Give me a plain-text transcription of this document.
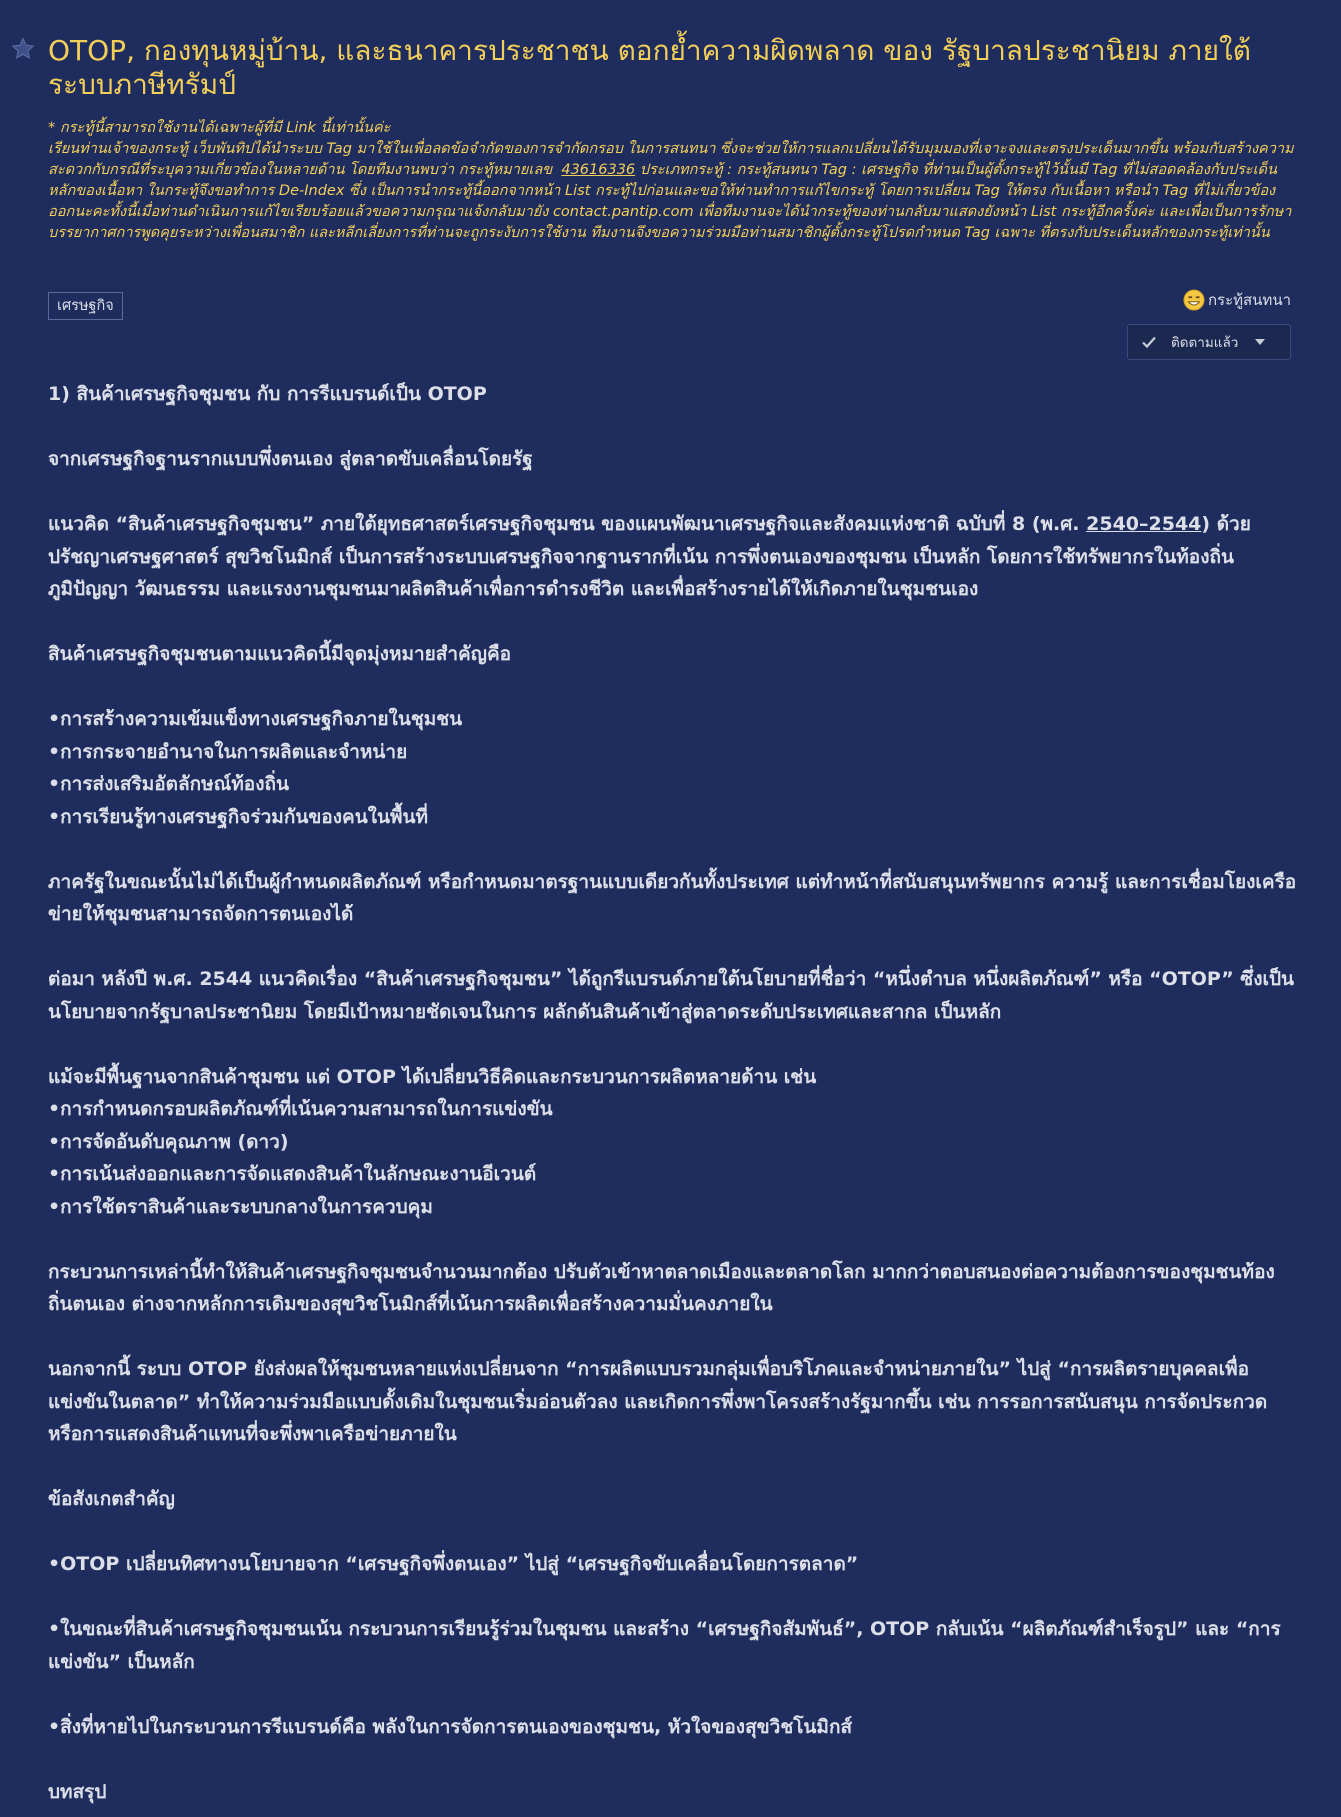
OTOP, กองทุนหมู่บ้าน, และธนาคารประชาชน ตอกย้ำความผิดพลาด ของ รัฐบาลประชานิยม ภายใต้ระบบภาษีทรัมป์

* กระทู้นี้สามารถใช้งานได้เฉพาะผู้ที่มี Link นี้เท่านั้นค่ะ

เรียนท่านเจ้าของกระทู้ เว็บพันทิปได้นำระบบ Tag มาใช้ในเพื่อลดข้อจำกัดของการจำกัดกรอบ ในการสนทนา ซึ่งจะช่วยให้การแลกเปลี่ยนได้รับมุมมองที่เจาะจงและตรงประเด็นมากขึ้น พร้อมกับสร้างความสะดวกกับกรณีที่ระบุความเกี่ยวข้องในหลายด้าน โดยทีมงานพบว่า กระทู้หมายเลข 43616336 ประเภทกระทู้ : กระทู้สนทนา Tag : เศรษฐกิจ ที่ท่านเป็นผู้ตั้งกระทู้ไว้นั้นมี Tag ที่ไม่สอดคล้องกับประเด็นหลักของเนื้อหา ในกระทู้จึงขอทำการ De-Index ซึ่ง เป็นการนำกระทู้นี้ออกจากหน้า List กระทู้ไปก่อนและขอให้ท่านทำการแก้ไขกระทู้ โดยการเปลี่ยน Tag ให้ตรง กับเนื้อหา หรือนำ Tag ที่ไม่เกี่ยวข้องออกนะคะทั้งนี้เมื่อท่านดำเนินการแก้ไขเรียบร้อยแล้วขอความกรุณาแจ้งกลับมายัง contact.pantip.com เพื่อทีมงานจะได้นำกระทู้ของท่านกลับมาแสดงยังหน้า List กระทู้อีกครั้งค่ะ และเพื่อเป็นการรักษาบรรยากาศการพูดคุยระหว่างเพื่อนสมาชิก และหลีกเลี่ยงการที่ท่านจะถูกระงับการใช้งาน ทีมงานจึงขอความร่วมมือท่านสมาชิกผู้ตั้งกระทู้โปรดกำหนด Tag เฉพาะ ที่ตรงกับประเด็นหลักของกระทู้เท่านั้น

เศรษฐกิจ	กระทู้สนทนา
ติดตามแล้ว

1) สินค้าเศรษฐกิจชุมชน กับ การรีแบรนด์เป็น OTOP

จากเศรษฐกิจฐานรากแบบพึ่งตนเอง สู่ตลาดขับเคลื่อนโดยรัฐ

แนวคิด “สินค้าเศรษฐกิจชุมชน” ภายใต้ยุทธศาสตร์เศรษฐกิจชุมชน ของแผนพัฒนาเศรษฐกิจและสังคมแห่งชาติ ฉบับที่ 8 (พ.ศ. 2540–2544) ด้วยปรัชญาเศรษฐศาสตร์ สุขวิชโนมิกส์ เป็นการสร้างระบบเศรษฐกิจจากฐานรากที่เน้น การพึ่งตนเองของชุมชน เป็นหลัก โดยการใช้ทรัพยากรในท้องถิ่น ภูมิปัญญา วัฒนธรรม และแรงงานชุมชนมาผลิตสินค้าเพื่อการดำรงชีวิต และเพื่อสร้างรายได้ให้เกิดภายในชุมชนเอง

สินค้าเศรษฐกิจชุมชนตามแนวคิดนี้มีจุดมุ่งหมายสำคัญคือ

•การสร้างความเข้มแข็งทางเศรษฐกิจภายในชุมชน

•การกระจายอำนาจในการผลิตและจำหน่าย

•การส่งเสริมอัตลักษณ์ท้องถิ่น

•การเรียนรู้ทางเศรษฐกิจร่วมกันของคนในพื้นที่

ภาครัฐในขณะนั้นไม่ได้เป็นผู้กำหนดผลิตภัณฑ์ หรือกำหนดมาตรฐานแบบเดียวกันทั้งประเทศ แต่ทำหน้าที่สนับสนุนทรัพยากร ความรู้ และการเชื่อมโยงเครือข่ายให้ชุมชนสามารถจัดการตนเองได้

ต่อมา หลังปี พ.ศ. 2544 แนวคิดเรื่อง “สินค้าเศรษฐกิจชุมชน” ได้ถูกรีแบรนด์ภายใต้นโยบายที่ชื่อว่า “หนึ่งตำบล หนึ่งผลิตภัณฑ์” หรือ “OTOP” ซึ่งเป็นนโยบายจากรัฐบาลประชานิยม โดยมีเป้าหมายชัดเจนในการ ผลักดันสินค้าเข้าสู่ตลาดระดับประเทศและสากล เป็นหลัก

แม้จะมีพื้นฐานจากสินค้าชุมชน แต่ OTOP ได้เปลี่ยนวิธีคิดและกระบวนการผลิตหลายด้าน เช่น

•การกำหนดกรอบผลิตภัณฑ์ที่เน้นความสามารถในการแข่งขัน

•การจัดอันดับคุณภาพ (ดาว)

•การเน้นส่งออกและการจัดแสดงสินค้าในลักษณะงานอีเวนต์

•การใช้ตราสินค้าและระบบกลางในการควบคุม

กระบวนการเหล่านี้ทำให้สินค้าเศรษฐกิจชุมชนจำนวนมากต้อง ปรับตัวเข้าหาตลาดเมืองและตลาดโลก มากกว่าตอบสนองต่อความต้องการของชุมชนท้องถิ่นตนเอง ต่างจากหลักการเดิมของสุขวิชโนมิกส์ที่เน้นการผลิตเพื่อสร้างความมั่นคงภายใน

นอกจากนี้ ระบบ OTOP ยังส่งผลให้ชุมชนหลายแห่งเปลี่ยนจาก “การผลิตแบบรวมกลุ่มเพื่อบริโภคและจำหน่ายภายใน” ไปสู่ “การผลิตรายบุคคลเพื่อแข่งขันในตลาด” ทำให้ความร่วมมือแบบดั้งเดิมในชุมชนเริ่มอ่อนตัวลง และเกิดการพึ่งพาโครงสร้างรัฐมากขึ้น เช่น การรอการสนับสนุน การจัดประกวด หรือการแสดงสินค้าแทนที่จะพึ่งพาเครือข่ายภายใน

ข้อสังเกตสำคัญ

•OTOP เปลี่ยนทิศทางนโยบายจาก “เศรษฐกิจพึ่งตนเอง” ไปสู่ “เศรษฐกิจขับเคลื่อนโดยการตลาด”

•ในขณะที่สินค้าเศรษฐกิจชุมชนเน้น กระบวนการเรียนรู้ร่วมในชุมชน และสร้าง “เศรษฐกิจสัมพันธ์”, OTOP กลับเน้น “ผลิตภัณฑ์สำเร็จรูป” และ “การแข่งขัน” เป็นหลัก

•สิ่งที่หายไปในกระบวนการรีแบรนด์คือ พลังในการจัดการตนเองของชุมชน, หัวใจของสุขวิชโนมิกส์

บทสรุป
